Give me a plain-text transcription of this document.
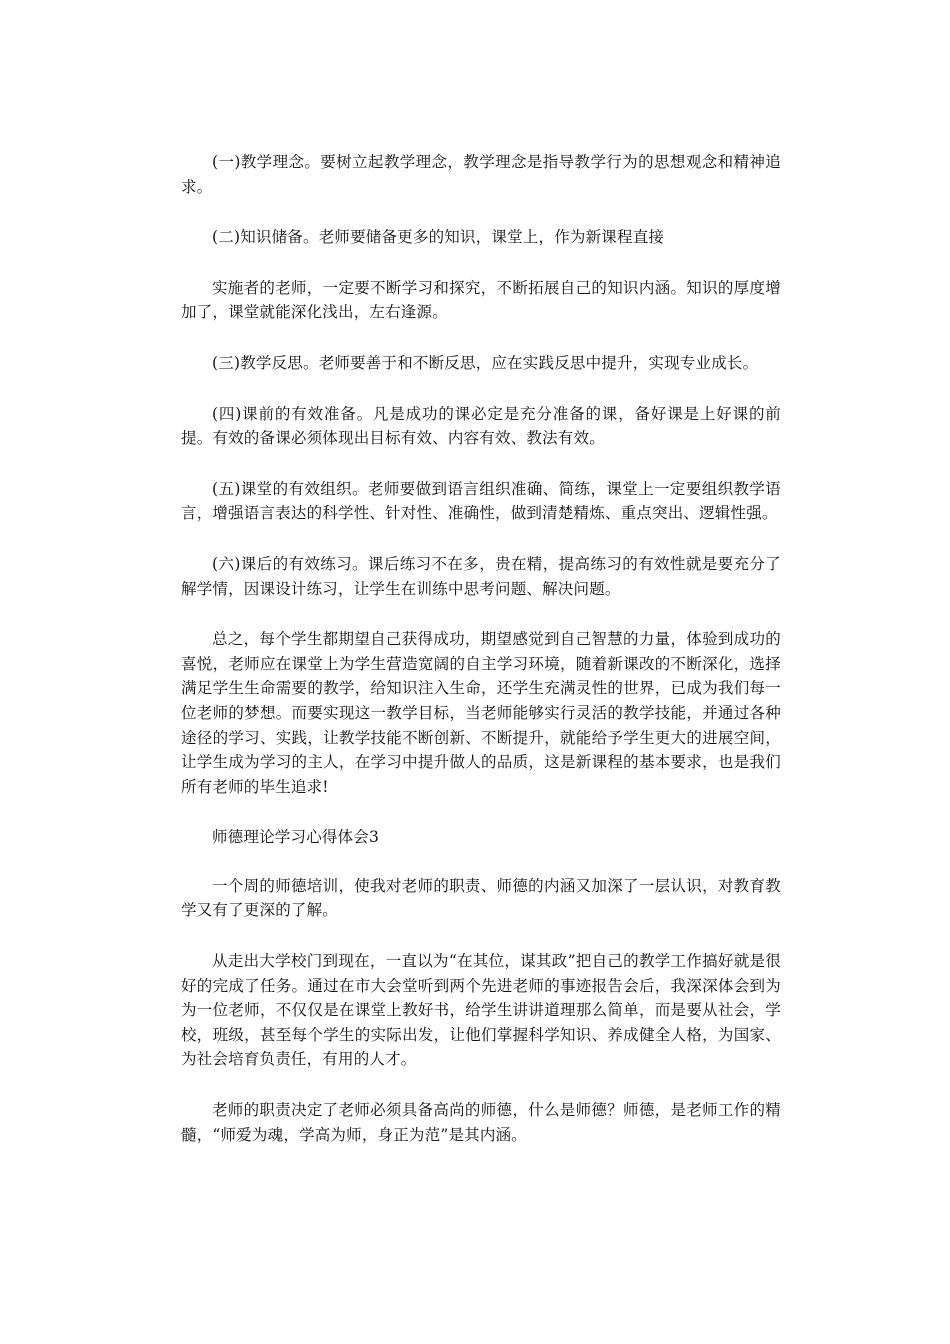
(一)教学理念。要树立起教学理念，教学理念是指导教学行为的思想观念和精神追求。

(二)知识储备。老师要储备更多的知识，课堂上，作为新课程直接

实施者的老师，一定要不断学习和探究，不断拓展自己的知识内涵。知识的厚度增加了，课堂就能深化浅出，左右逢源。

(三)教学反思。老师要善于和不断反思，应在实践反思中提升，实现专业成长。

(四)课前的有效准备。凡是成功的课必定是充分准备的课，备好课是上好课的前提。有效的备课必须体现出目标有效、内容有效、教法有效。

(五)课堂的有效组织。老师要做到语言组织准确、简练，课堂上一定要组织教学语言，增强语言表达的科学性、针对性、准确性，做到清楚精炼、重点突出、逻辑性强。

(六)课后的有效练习。课后练习不在多，贵在精，提高练习的有效性就是要充分了解学情，因课设计练习，让学生在训练中思考问题、解决问题。

总之，每个学生都期望自己获得成功，期望感觉到自己智慧的力量，体验到成功的喜悦，老师应在课堂上为学生营造宽阔的自主学习环境，随着新课改的不断深化，选择满足学生生命需要的教学，给知识注入生命，还学生充满灵性的世界，已成为我们每一位老师的梦想。而要实现这一教学目标，当老师能够实行灵活的教学技能，并通过各种途径的学习、实践，让教学技能不断创新、不断提升，就能给予学生更大的进展空间，让学生成为学习的主人，在学习中提升做人的品质，这是新课程的基本要求，也是我们所有老师的毕生追求!

师德理论学习心得体会3

一个周的师德培训，使我对老师的职责、师德的内涵又加深了一层认识，对教育教学又有了更深的了解。

从走出大学校门到现在，一直以为“在其位，谋其政”把自己的教学工作搞好就是很好的完成了任务。通过在市大会堂听到两个先进老师的事迹报告会后，我深深体会到为为一位老师，不仅仅是在课堂上教好书，给学生讲讲道理那么简单，而是要从社会，学校，班级，甚至每个学生的实际出发，让他们掌握科学知识、养成健全人格，为国家、为社会培育负责任，有用的人才。

老师的职责决定了老师必须具备高尚的师德，什么是师德？师德，是老师工作的精髓，“师爱为魂，学高为师，身正为范”是其内涵。
